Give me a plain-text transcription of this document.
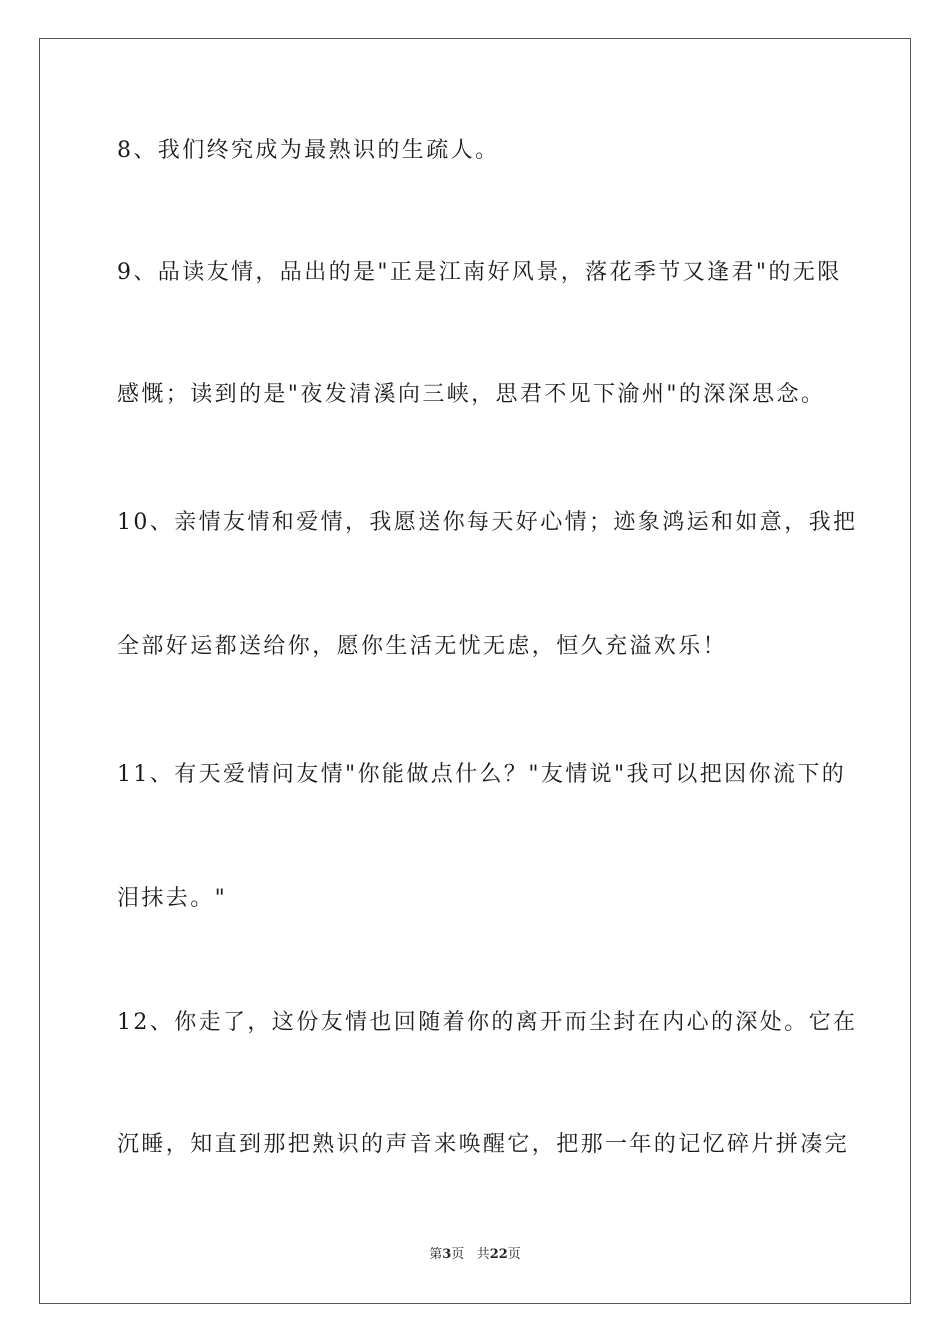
8、我们终究成为最熟识的生疏人。
9、品读友情，品出的是"正是江南好风景，落花季节又逢君"的无限
感慨；读到的是"夜发清溪向三峡，思君不见下渝州"的深深思念。
10、亲情友情和爱情，我愿送你每天好心情；迹象鸿运和如意，我把
全部好运都送给你，愿你生活无忧无虑，恒久充溢欢乐！
11、有天爱情问友情"你能做点什么？"友情说"我可以把因你流下的
泪抹去。"
12、你走了，这份友情也回随着你的离开而尘封在内心的深处。它在
沉睡，知直到那把熟识的声音来唤醒它，把那一年的记忆碎片拼凑完
第3页 共22页
